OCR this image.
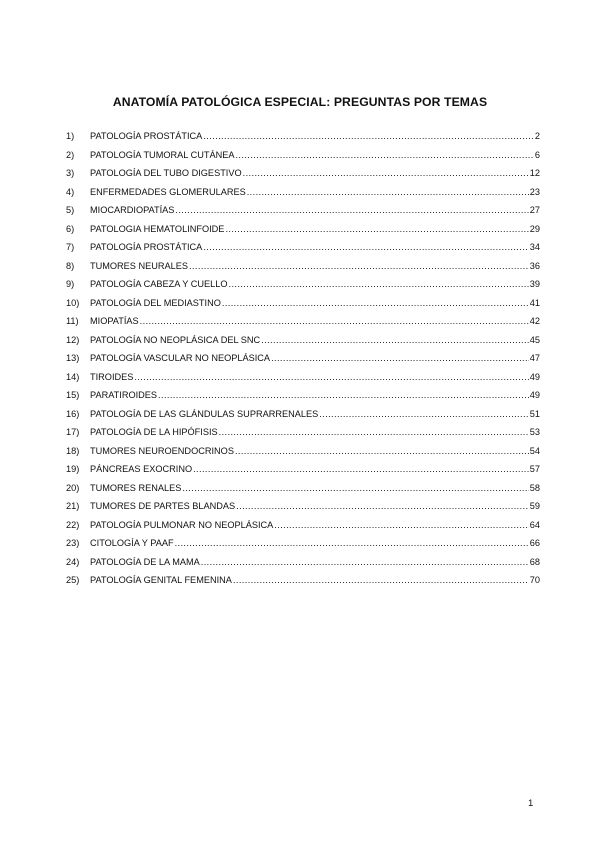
ANATOMÍA PATOLÓGICA ESPECIAL: PREGUNTAS POR TEMAS
1)	PATOLOGÍA PROSTÁTICA .....	2
2)	PATOLOGÍA TUMORAL CUTÁNEA .....	6
3)	PATOLOGÍA DEL TUBO DIGESTIVO .....	12
4)	ENFERMEDADES GLOMERULARES .....	23
5)	MIOCARDIOPATÍAS .....	27
6)	PATOLOGIA HEMATOLINFOIDE .....	29
7)	PATOLOGÍA PROSTÁTICA .....	34
8)	TUMORES NEURALES .....	36
9)	PATOLOGÍA CABEZA Y CUELLO .....	39
10)	PATOLOGÍA DEL MEDIASTINO .....	41
11)	MIOPATÍAS .....	42
12)	PATOLOGÍA NO NEOPLÁSICA DEL SNC .....	45
13)	PATOLOGÍA VASCULAR NO NEOPLÁSICA .....	47
14)	TIROIDES .....	49
15)	PARATIROIDES .....	49
16)	PATOLOGÍA DE LAS GLÁNDULAS SUPRARRENALES .....	51
17)	PATOLOGÍA DE LA HIPÓFISIS .....	53
18)	TUMORES NEUROENDOCRINOS .....	54
19)	PÁNCREAS EXOCRINO .....	57
20)	TUMORES RENALES .....	58
21)	TUMORES DE PARTES BLANDAS .....	59
22)	PATOLOGÍA PULMONAR NO NEOPLÁSICA .....	64
23)	CITOLOGÍA Y PAAF .....	66
24)	PATOLOGÍA DE LA MAMA .....	68
25)	PATOLOGÍA GENITAL FEMENINA .....	70
1
